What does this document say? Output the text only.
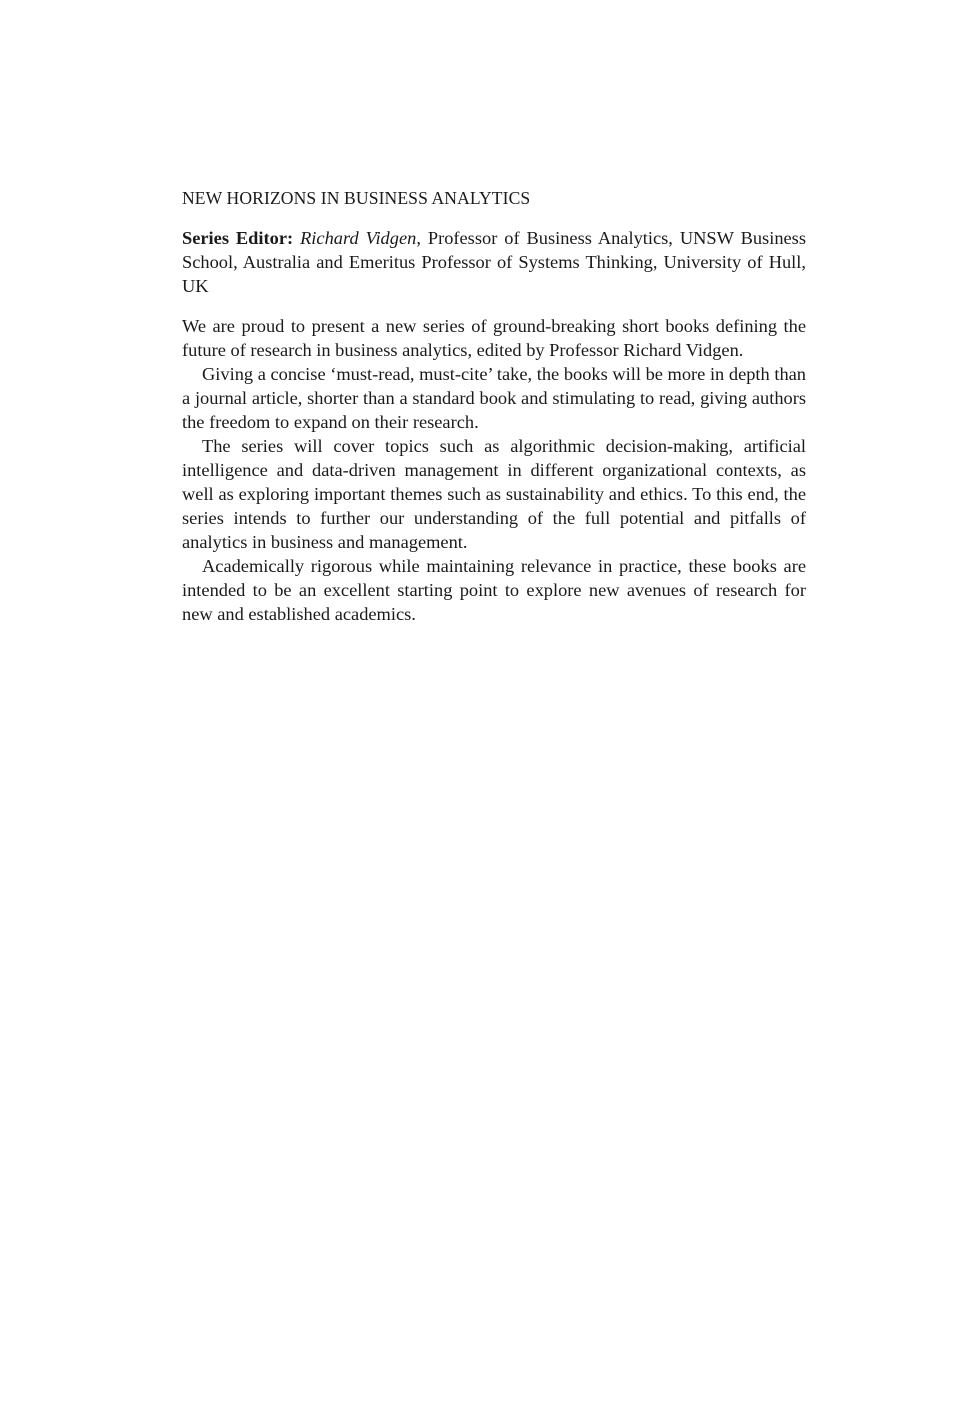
NEW HORIZONS IN BUSINESS ANALYTICS

Series Editor: Richard Vidgen, Professor of Business Analytics, UNSW Business School, Australia and Emeritus Professor of Systems Thinking, University of Hull, UK

We are proud to present a new series of ground-breaking short books defining the future of research in business analytics, edited by Professor Richard Vidgen.

Giving a concise ‘must-read, must-cite’ take, the books will be more in depth than a journal article, shorter than a standard book and stimulating to read, giving authors the freedom to expand on their research.

The series will cover topics such as algorithmic decision-making, artificial intelligence and data-driven management in different organizational contexts, as well as exploring important themes such as sustainability and ethics. To this end, the series intends to further our understanding of the full potential and pitfalls of analytics in business and management.

Academically rigorous while maintaining relevance in practice, these books are intended to be an excellent starting point to explore new avenues of research for new and established academics.
